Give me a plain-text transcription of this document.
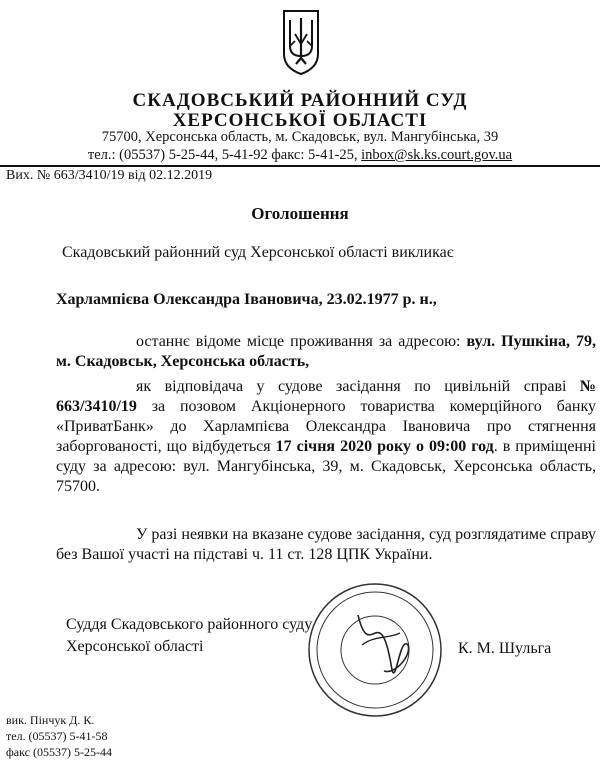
СКАДОВСЬКИЙ РАЙОННИЙ СУД
ХЕРСОНСЬКОЇ ОБЛАСТІ
75700, Херсонська область, м. Скадовськ, вул. Мангубінська, 39
тел.: (05537) 5-25-44, 5-41-92 факс: 5-41-25, inbox@sk.ks.court.gov.ua
Вих. № 663/3410/19 від 02.12.2019
Оголошення
Скадовський районний суд Херсонської області викликає
Харлампієва Олександра Івановича, 23.02.1977 р. н.,
останнє відоме місце проживання за адресою: вул. Пушкіна, 79, м. Скадовськ, Херсонська область,
як відповідача у судове засідання по цивільній справі № 663/3410/19 за позовом Акціонерного товариства комерційного банку «ПриватБанк» до Харлампієва Олександра Івановича про стягнення заборгованості, що відбудеться 17 січня 2020 року о 09:00 год. в приміщенні суду за адресою: вул. Мангубінська, 39, м. Скадовськ, Херсонська область, 75700.
У разі неявки на вказане судове засідання, суд розглядатиме справу без Вашої участі на підставі ч. 11 ст. 128 ЦПК України.
Суддя Скадовського районного суду
Херсонської області	К. М. Шульга
вик. Пінчук Д. К.
тел. (05537) 5-41-58
факс (05537) 5-25-44
